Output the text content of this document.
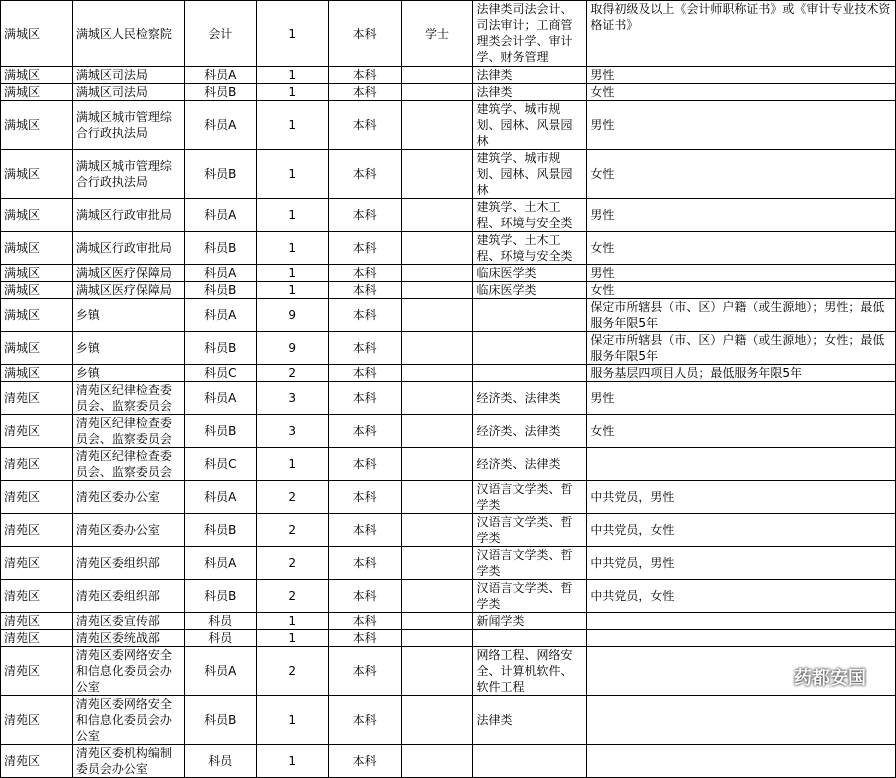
满城区	满城区人民检察院	会计	1	本科	学士	法律类司法会计、司法审计；工商管理类会计学、审计学、财务管理	取得初级及以上《会计师职称证书》或《审计专业技术资格证书》
满城区	满城区司法局	科员A	1	本科		法律类	男性
满城区	满城区司法局	科员B	1	本科		法律类	女性
满城区	满城区城市管理综合行政执法局	科员A	1	本科		建筑学、城市规划、园林、风景园林	男性
满城区	满城区城市管理综合行政执法局	科员B	1	本科		建筑学、城市规划、园林、风景园林	女性
满城区	满城区行政审批局	科员A	1	本科		建筑学、土木工程、环境与安全类	男性
满城区	满城区行政审批局	科员B	1	本科		建筑学、土木工程、环境与安全类	女性
满城区	满城区医疗保障局	科员A	1	本科		临床医学类	男性
满城区	满城区医疗保障局	科员B	1	本科		临床医学类	女性
满城区	乡镇	科员A	9	本科			保定市所辖县（市、区）户籍（或生源地）；男性；最低服务年限5年
满城区	乡镇	科员B	9	本科			保定市所辖县（市、区）户籍（或生源地）；女性；最低服务年限5年
满城区	乡镇	科员C	2	本科			服务基层四项目人员；最低服务年限5年
清苑区	清苑区纪律检查委员会、监察委员会	科员A	3	本科		经济类、法律类	男性
清苑区	清苑区纪律检查委员会、监察委员会	科员B	3	本科		经济类、法律类	女性
清苑区	清苑区纪律检查委员会、监察委员会	科员C	1	本科		经济类、法律类	
清苑区	清苑区委办公室	科员A	2	本科		汉语言文学类、哲学类	中共党员，男性
清苑区	清苑区委办公室	科员B	2	本科		汉语言文学类、哲学类	中共党员，女性
清苑区	清苑区委组织部	科员A	2	本科		汉语言文学类、哲学类	中共党员，男性
清苑区	清苑区委组织部	科员B	2	本科		汉语言文学类、哲学类	中共党员，女性
清苑区	清苑区委宣传部	科员	1	本科		新闻学类	
清苑区	清苑区委统战部	科员	1	本科			
清苑区	清苑区委网络安全和信息化委员会办公室	科员A	2	本科		网络工程、网络安全、计算机软件、软件工程	
清苑区	清苑区委网络安全和信息化委员会办公室	科员B	1	本科		法律类	
清苑区	清苑区委机构编制委员会办公室	科员	1	本科			
药都安国
